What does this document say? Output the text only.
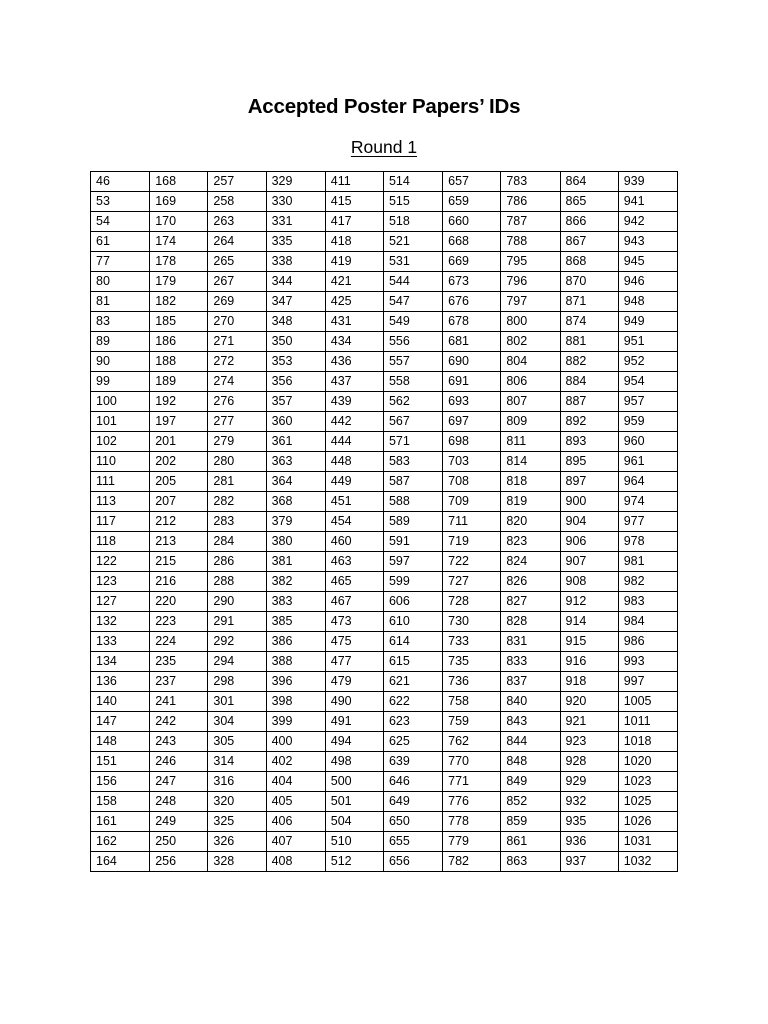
Accepted Poster Papers’ IDs
Round 1
46	168	257	329	411	514	657	783	864	939
53	169	258	330	415	515	659	786	865	941
54	170	263	331	417	518	660	787	866	942
61	174	264	335	418	521	668	788	867	943
77	178	265	338	419	531	669	795	868	945
80	179	267	344	421	544	673	796	870	946
81	182	269	347	425	547	676	797	871	948
83	185	270	348	431	549	678	800	874	949
89	186	271	350	434	556	681	802	881	951
90	188	272	353	436	557	690	804	882	952
99	189	274	356	437	558	691	806	884	954
100	192	276	357	439	562	693	807	887	957
101	197	277	360	442	567	697	809	892	959
102	201	279	361	444	571	698	811	893	960
110	202	280	363	448	583	703	814	895	961
111	205	281	364	449	587	708	818	897	964
113	207	282	368	451	588	709	819	900	974
117	212	283	379	454	589	711	820	904	977
118	213	284	380	460	591	719	823	906	978
122	215	286	381	463	597	722	824	907	981
123	216	288	382	465	599	727	826	908	982
127	220	290	383	467	606	728	827	912	983
132	223	291	385	473	610	730	828	914	984
133	224	292	386	475	614	733	831	915	986
134	235	294	388	477	615	735	833	916	993
136	237	298	396	479	621	736	837	918	997
140	241	301	398	490	622	758	840	920	1005
147	242	304	399	491	623	759	843	921	1011
148	243	305	400	494	625	762	844	923	1018
151	246	314	402	498	639	770	848	928	1020
156	247	316	404	500	646	771	849	929	1023
158	248	320	405	501	649	776	852	932	1025
161	249	325	406	504	650	778	859	935	1026
162	250	326	407	510	655	779	861	936	1031
164	256	328	408	512	656	782	863	937	1032
